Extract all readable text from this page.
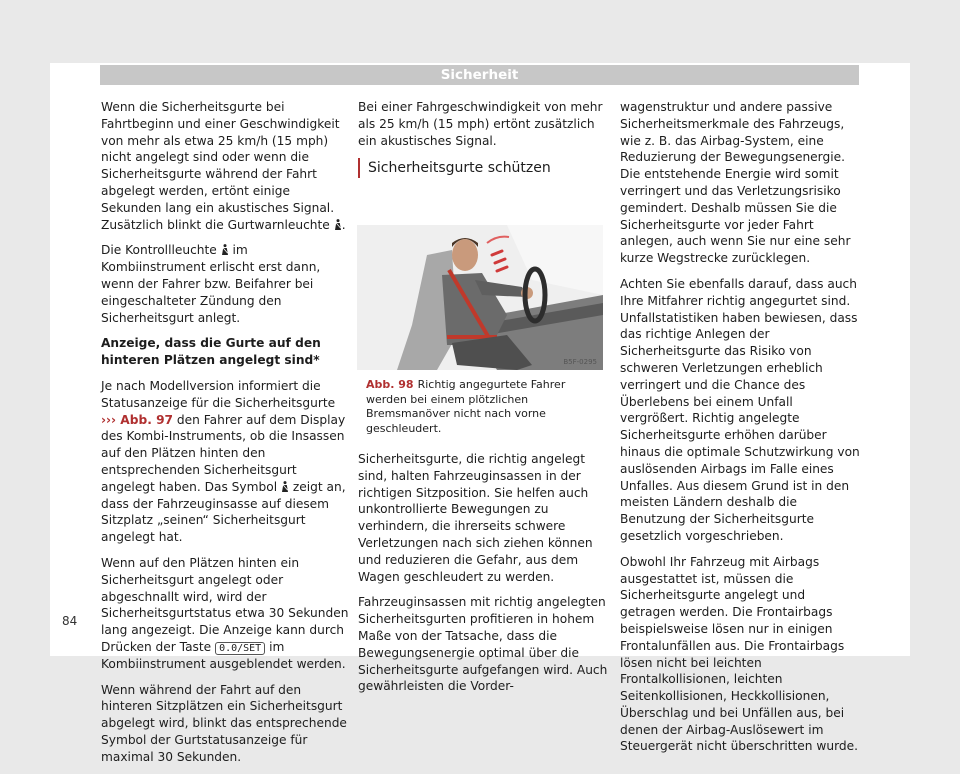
Sicherheit

Wenn die Sicherheitsgurte bei Fahrtbeginn und einer Geschwindigkeit von mehr als etwa 25 km/h (15 mph) nicht angelegt sind oder wenn die Sicherheitsgurte während der Fahrt abgelegt werden, ertönt einige Sekunden lang ein akustisches Signal. Zusätzlich blinkt die Gurtwarnleuchte .

Die Kontrollleuchte im Kombiinstrument erlischt erst dann, wenn der Fahrer bzw. Beifahrer bei eingeschalteter Zündung den Sicherheitsgurt anlegt.

Anzeige, dass die Gurte auf den hinteren Plätzen angelegt sind*

Je nach Modellversion informiert die Statusanzeige für die Sicherheitsgurte ››› Abb. 97 den Fahrer auf dem Display des Kombi-Instruments, ob die Insassen auf den Plätzen hinten den entsprechenden Sicherheitsgurt angelegt haben. Das Symbol zeigt an, dass der Fahrzeuginsasse auf diesem Sitzplatz „seinen“ Sicherheitsgurt angelegt hat.

Wenn auf den Plätzen hinten ein Sicherheitsgurt angelegt oder abgeschnallt wird, wird der Sicherheitsgurtstatus etwa 30 Sekunden lang angezeigt. Die Anzeige kann durch Drücken der Taste 0.0/SET im Kombiinstrument ausgeblendet werden.

Wenn während der Fahrt auf den hinteren Sitzplätzen ein Sicherheitsgurt abgelegt wird, blinkt das entsprechende Symbol der Gurtstatusanzeige für maximal 30 Sekunden.

Bei einer Fahrgeschwindigkeit von mehr als 25 km/h (15 mph) ertönt zusätzlich ein akustisches Signal.

Sicherheitsgurte schützen
B5F-0295
Abb. 98 Richtig angegurtete Fahrer werden bei einem plötzlichen Bremsmanöver nicht nach vorne geschleudert.

Sicherheitsgurte, die richtig angelegt sind, halten Fahrzeuginsassen in der richtigen Sitzposition. Sie helfen auch unkontrollierte Bewegungen zu verhindern, die ihrerseits schwere Verletzungen nach sich ziehen können und reduzieren die Gefahr, aus dem Wagen geschleudert zu werden.

Fahrzeuginsassen mit richtig angelegten Sicherheitsgurten profitieren in hohem Maße von der Tatsache, dass die Bewegungsenergie optimal über die Sicherheitsgurte aufgefangen wird. Auch gewährleisten die Vorder-

wagenstruktur und andere passive Sicherheitsmerkmale des Fahrzeugs, wie z. B. das Airbag-System, eine Reduzierung der Bewegungsenergie. Die entstehende Energie wird somit verringert und das Verletzungsrisiko gemindert. Deshalb müssen Sie die Sicherheitsgurte vor jeder Fahrt anlegen, auch wenn Sie nur eine sehr kurze Wegstrecke zurücklegen.

Achten Sie ebenfalls darauf, dass auch Ihre Mitfahrer richtig angegurtet sind. Unfallstatistiken haben bewiesen, dass das richtige Anlegen der Sicherheitsgurte das Risiko von schweren Verletzungen erheblich verringert und die Chance des Überlebens bei einem Unfall vergrößert. Richtig angelegte Sicherheitsgurte erhöhen darüber hinaus die optimale Schutzwirkung von auslösenden Airbags im Falle eines Unfalles. Aus diesem Grund ist in den meisten Ländern deshalb die Benutzung der Sicherheitsgurte gesetzlich vorgeschrieben.

Obwohl Ihr Fahrzeug mit Airbags ausgestattet ist, müssen die Sicherheitsgurte angelegt und getragen werden. Die Frontairbags beispielsweise lösen nur in einigen Frontalunfällen aus. Die Frontairbags lösen nicht bei leichten Frontalkollisionen, leichten Seitenkollisionen, Heckkollisionen, Überschlag und bei Unfällen aus, bei denen der Airbag-Auslösewert im Steuergerät nicht überschritten wurde.

84
